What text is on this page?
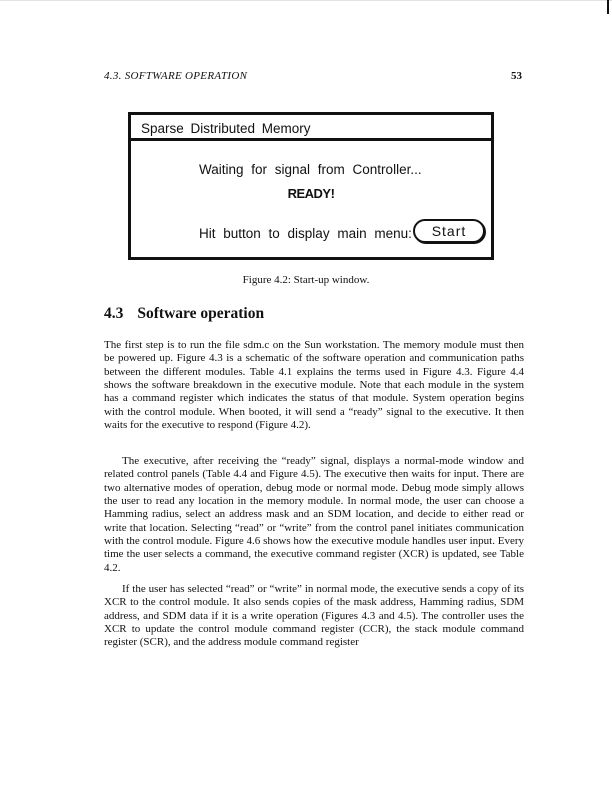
4.3. SOFTWARE OPERATION	53
Sparse Distributed Memory
Waiting for signal from Controller...
READY!
Hit button to display main menu:	Start
Figure 4.2: Start-up window.
4.3 Software operation

The first step is to run the file sdm.c on the Sun workstation. The memory module must then be powered up. Figure 4.3 is a schematic of the software operation and communication paths between the different modules. Table 4.1 explains the terms used in Figure 4.3. Figure 4.4 shows the software breakdown in the executive module. Note that each module in the system has a command register which indicates the status of that module. System operation begins with the control module. When booted, it will send a “ready” signal to the executive. It then waits for the executive to respond (Figure 4.2).

The executive, after receiving the “ready” signal, displays a normal-mode window and related control panels (Table 4.4 and Figure 4.5). The executive then waits for input. There are two alternative modes of operation, debug mode or normal mode. Debug mode simply allows the user to read any location in the memory module. In normal mode, the user can choose a Hamming radius, select an address mask and an SDM location, and decide to either read or write that location. Selecting “read” or “write” from the control panel initiates communication with the control module. Figure 4.6 shows how the executive module handles user input. Every time the user selects a command, the executive command register (XCR) is updated, see Table 4.2.

If the user has selected “read” or “write” in normal mode, the executive sends a copy of its XCR to the control module. It also sends copies of the mask address, Hamming radius, SDM address, and SDM data if it is a write operation (Figures 4.3 and 4.5). The controller uses the XCR to update the control module command register (CCR), the stack module command register (SCR), and the address module command register
